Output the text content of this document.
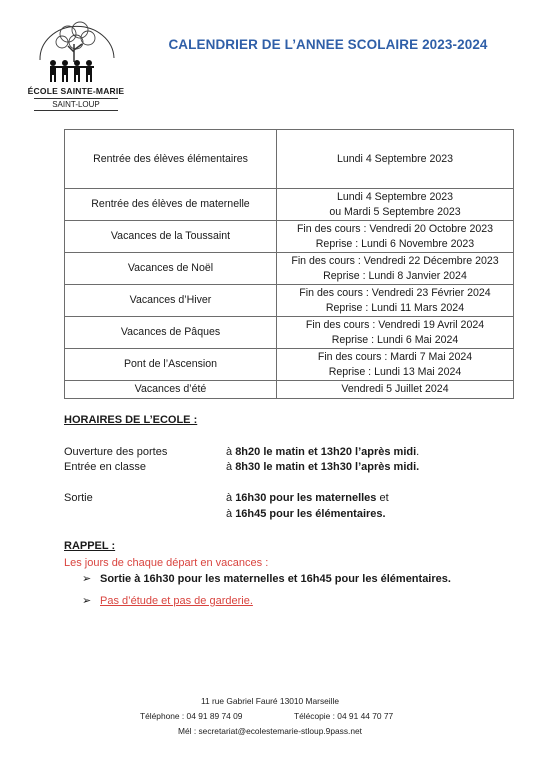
ÉCOLE SAINTE-MARIE
SAINT-LOUP
CALENDRIER DE L’ANNEE SCOLAIRE 2023-2024
Rentrée des élèves élémentaires	Lundi 4 Septembre 2023

Rentrée des élèves de maternelle	Lundi 4 Septembre 2023
ou Mardi 5 Septembre 2023

Vacances de la Toussaint	Fin des cours : Vendredi 20 Octobre 2023
Reprise : Lundi 6 Novembre 2023

Vacances de Noël	Fin des cours : Vendredi 22 Décembre 2023
Reprise : Lundi 8 Janvier 2024

Vacances d’Hiver	Fin des cours : Vendredi 23 Février 2024
Reprise : Lundi 11 Mars 2024

Vacances de Pâques	Fin des cours : Vendredi 19 Avril 2024
Reprise : Lundi 6 Mai 2024

Pont de l’Ascension	Fin des cours : Mardi 7 Mai 2024
Reprise : Lundi 13 Mai 2024

Vacances d’été	Vendredi 5 Juillet 2024
HORAIRES DE L’ECOLE :
Ouverture des portes	à 8h20 le matin et 13h20 l’après midi.
Entrée en classe	à 8h30 le matin et 13h30 l’après midi.
Sortie	à 16h30 pour les maternelles et
à 16h45 pour les élémentaires.
RAPPEL :
Les jours de chaque départ en vacances :
➢ Sortie à 16h30 pour les maternelles et 16h45 pour les élémentaires.
➢ Pas d’étude et pas de garderie.
11 rue Gabriel Fauré 13010 Marseille
Téléphone : 04 91 89 74 09	Télécopie : 04 91 44 70 77
Mél : secretariat@ecolestemarie-stloup.9pass.net
